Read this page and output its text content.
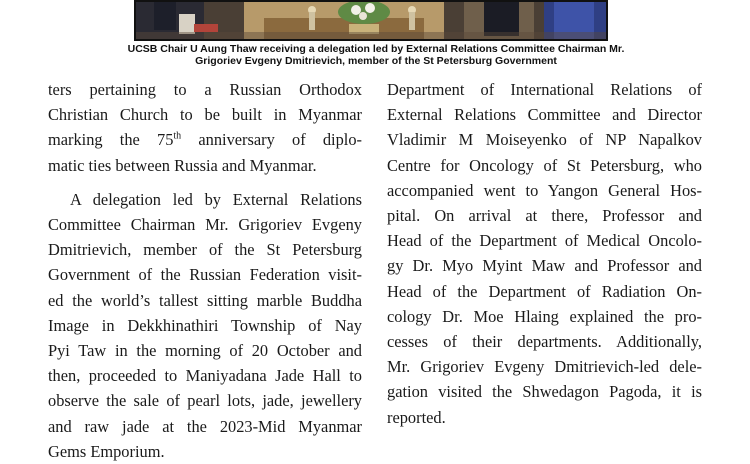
UCSB Chair U Aung Thaw receiving a delegation led by External Relations Committee Chairman Mr.
Grigoriev Evgeny Dmitrievich, member of the St Petersburg Government

ters pertaining to a Russian Orthodox
Christian Church to be built in Myanmar
marking the 75th anniversary of diplo-
matic ties between Russia and Myanmar.

A delegation led by External Relations
Committee Chairman Mr. Grigoriev Evgeny
Dmitrievich, member of the St Petersburg
Government of the Russian Federation visit-
ed the world’s tallest sitting marble Buddha
Image in Dekkhinathiri Township of Nay
Pyi Taw in the morning of 20 October and
then, proceeded to Maniyadana Jade Hall to
observe the sale of pearl lots, jade, jewellery
and raw jade at the 2023-Mid Myanmar
Gems Emporium.

Department of International Relations of
External Relations Committee and Director
Vladimir M Moiseyenko of NP Napalkov
Centre for Oncology of St Petersburg, who
accompanied went to Yangon General Hos-
pital. On arrival at there, Professor and
Head of the Department of Medical Oncolo-
gy Dr. Myo Myint Maw and Professor and
Head of the Department of Radiation On-
cology Dr. Moe Hlaing explained the pro-
cesses of their departments. Additionally,
Mr. Grigoriev Evgeny Dmitrievich-led dele-
gation visited the Shwedagon Pagoda, it is
reported.
